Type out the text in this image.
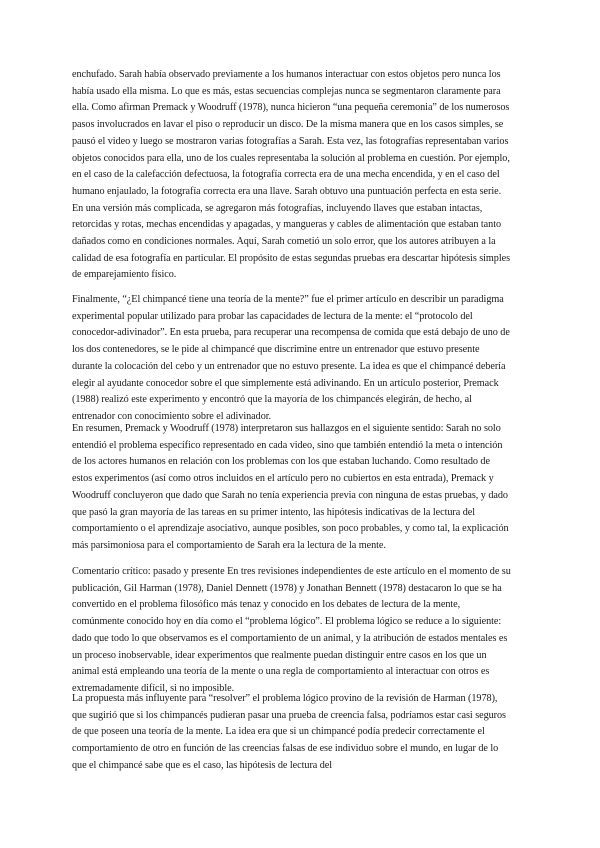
enchufado. Sarah había observado previamente a los humanos interactuar con estos objetos pero nunca los había usado ella misma. Lo que es más, estas secuencias complejas nunca se segmentaron claramente para ella. Como afirman Premack y Woodruff (1978), nunca hicieron “una pequeña ceremonia” de los numerosos pasos involucrados en lavar el piso o reproducir un disco. De la misma manera que en los casos simples, se pausó el video y luego se mostraron varias fotografías a Sarah. Esta vez, las fotografías representaban varios objetos conocidos para ella, uno de los cuales representaba la solución al problema en cuestión. Por ejemplo, en el caso de la calefacción defectuosa, la fotografía correcta era de una mecha encendida, y en el caso del humano enjaulado, la fotografía correcta era una llave. Sarah obtuvo una puntuación perfecta en esta serie. En una versión más complicada, se agregaron más fotografías, incluyendo llaves que estaban intactas, retorcidas y rotas, mechas encendidas y apagadas, y mangueras y cables de alimentación que estaban tanto dañados como en condiciones normales. Aquí, Sarah cometió un solo error, que los autores atribuyen a la calidad de esa fotografía en particular. El propósito de estas segundas pruebas era descartar hipótesis simples de emparejamiento físico.

Finalmente, “¿El chimpancé tiene una teoría de la mente?” fue el primer artículo en describir un paradigma experimental popular utilizado para probar las capacidades de lectura de la mente: el “protocolo del conocedor-adivinador”. En esta prueba, para recuperar una recompensa de comida que está debajo de uno de los dos contenedores, se le pide al chimpancé que discrimine entre un entrenador que estuvo presente durante la colocación del cebo y un entrenador que no estuvo presente. La idea es que el chimpancé debería elegir al ayudante conocedor sobre el que simplemente está adivinando. En un artículo posterior, Premack (1988) realizó este experimento y encontró que la mayoría de los chimpancés elegirán, de hecho, al entrenador con conocimiento sobre el adivinador.

En resumen, Premack y Woodruff (1978) interpretaron sus hallazgos en el siguiente sentido: Sarah no solo entendió el problema específico representado en cada video, sino que también entendió la meta o intención de los actores humanos en relación con los problemas con los que estaban luchando. Como resultado de estos experimentos (así como otros incluidos en el artículo pero no cubiertos en esta entrada), Premack y Woodruff concluyeron que dado que Sarah no tenía experiencia previa con ninguna de estas pruebas, y dado que pasó la gran mayoría de las tareas en su primer intento, las hipótesis indicativas de la lectura del comportamiento o el aprendizaje asociativo, aunque posibles, son poco probables, y como tal, la explicación más parsimoniosa para el comportamiento de Sarah era la lectura de la mente.

Comentario crítico: pasado y presente En tres revisiones independientes de este artículo en el momento de su publicación, Gil Harman (1978), Daniel Dennett (1978) y Jonathan Bennett (1978) destacaron lo que se ha convertido en el problema filosófico más tenaz y conocido en los debates de lectura de la mente, comúnmente conocido hoy en día como el “problema lógico”. El problema lógico se reduce a lo siguiente: dado que todo lo que observamos es el comportamiento de un animal, y la atribución de estados mentales es un proceso inobservable, idear experimentos que realmente puedan distinguir entre casos en los que un animal está empleando una teoría de la mente o una regla de comportamiento al interactuar con otros es extremadamente difícil, si no imposible.

La propuesta más influyente para “resolver” el problema lógico provino de la revisión de Harman (1978), que sugirió que si los chimpancés pudieran pasar una prueba de creencia falsa, podríamos estar casi seguros de que poseen una teoría de la mente. La idea era que si un chimpancé podía predecir correctamente el comportamiento de otro en función de las creencias falsas de ese individuo sobre el mundo, en lugar de lo que el chimpancé sabe que es el caso, las hipótesis de lectura del
